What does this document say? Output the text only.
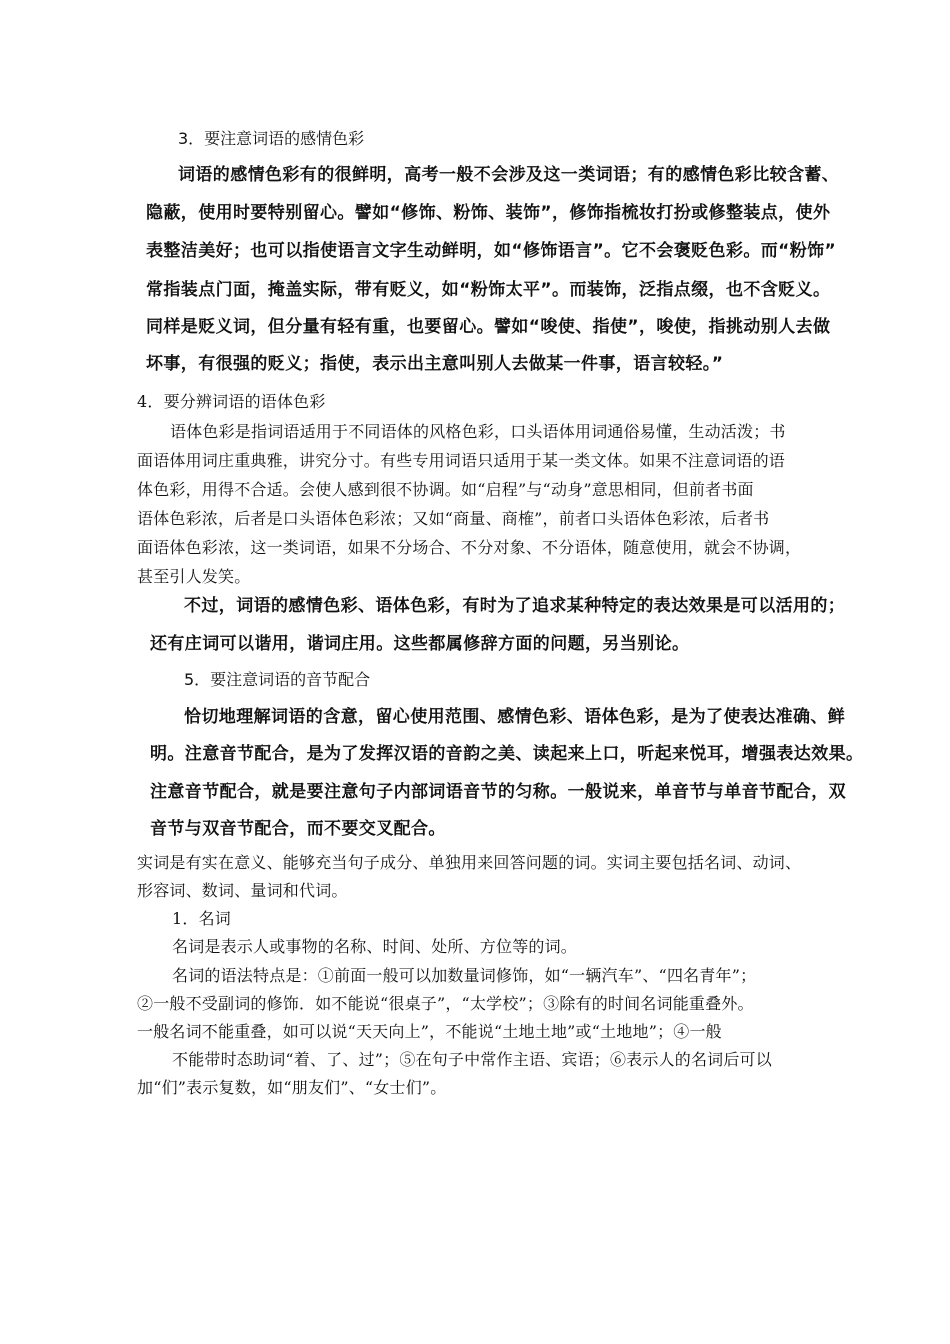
3．要注意词语的感情色彩
词语的感情色彩有的很鲜明，高考一般不会涉及这一类词语；有的感情色彩比较含蓄、
隐蔽，使用时要特别留心。譬如“修饰、粉饰、装饰”，修饰指梳妆打扮或修整装点，使外
表整洁美好；也可以指使语言文字生动鲜明，如“修饰语言”。它不会褒贬色彩。而“粉饰”
常指装点门面，掩盖实际，带有贬义，如“粉饰太平”。而装饰，泛指点缀，也不含贬义。
同样是贬义词，但分量有轻有重，也要留心。譬如“唆使、指使”，唆使，指挑动别人去做
坏事，有很强的贬义；指使，表示出主意叫别人去做某一件事，语言较轻。”
4．要分辨词语的语体色彩
语体色彩是指词语适用于不同语体的风格色彩，口头语体用词通俗易懂，生动活泼；书
面语体用词庄重典雅，讲究分寸。有些专用词语只适用于某一类文体。如果不注意词语的语
体色彩，用得不合适。会使人感到很不协调。如“启程”与“动身”意思相同，但前者书面
语体色彩浓，后者是口头语体色彩浓；又如“商量、商榷”，前者口头语体色彩浓，后者书
面语体色彩浓，这一类词语，如果不分场合、不分对象、不分语体，随意使用，就会不协调，
甚至引人发笑。
不过，词语的感情色彩、语体色彩，有时为了追求某种特定的表达效果是可以活用的；
还有庄词可以谐用，谐词庄用。这些都属修辞方面的问题，另当别论。
5．要注意词语的音节配合
恰切地理解词语的含意，留心使用范围、感情色彩、语体色彩，是为了使表达准确、鲜
明。注意音节配合，是为了发挥汉语的音韵之美、读起来上口，听起来悦耳，增强表达效果。
注意音节配合，就是要注意句子内部词语音节的匀称。一般说来，单音节与单音节配合，双
音节与双音节配合，而不要交叉配合。
实词是有实在意义、能够充当句子成分、单独用来回答问题的词。实词主要包括名词、动词、
形容词、数词、量词和代词。
1．名词
名词是表示人或事物的名称、时间、处所、方位等的词。
名词的语法特点是：①前面一般可以加数量词修饰，如“一辆汽车”、“四名青年”；
②一般不受副词的修饰．如不能说“很桌子”，“太学校”；③除有的时间名词能重叠外。
一般名词不能重叠，如可以说“天天向上”，不能说“土地土地”或“土地地”；④一般
不能带时态助词“着、了、过”；⑤在句子中常作主语、宾语；⑥表示人的名词后可以
加“们”表示复数，如“朋友们”、“女士们”。
